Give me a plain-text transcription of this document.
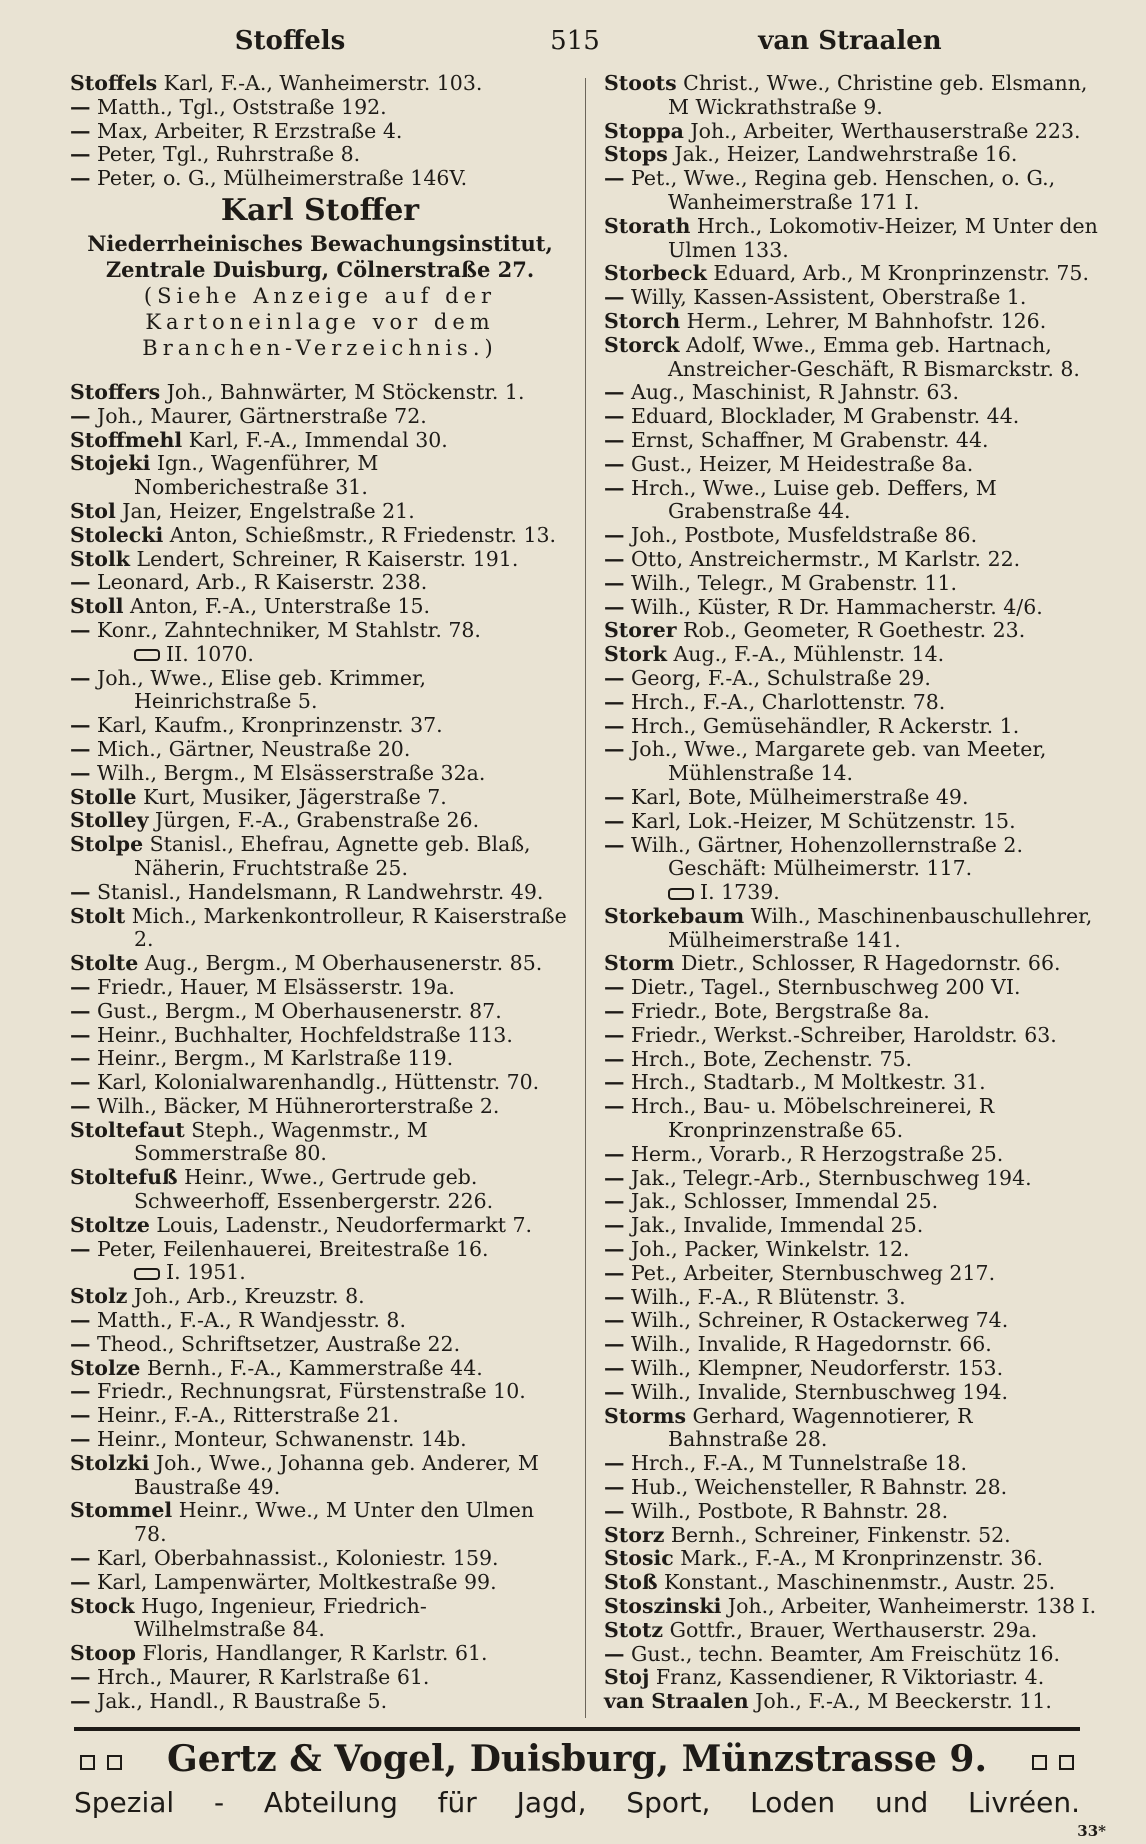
Stoffels	515	van Straalen
Stoffels Karl, F.-A., Wanheimerstr. 103.
— Matth., Tgl., Oststraße 192.
— Max, Arbeiter, R Erzstraße 4.
— Peter, Tgl., Ruhrstraße 8.
— Peter, o. G., Mülheimerstraße 146V.
Karl Stoffer
Niederrheinisches Bewachungsinstitut, Zentrale Duisburg, Cölnerstraße 27.
(Siehe Anzeige auf der Kartoneinlage vor dem Branchen-Verzeichnis.)
Stoffers Joh., Bahnwärter, M Stöckenstr. 1.
— Joh., Maurer, Gärtnerstraße 72.
Stoffmehl Karl, F.-A., Immendal 30.
Stojeki Ign., Wagenführer, M Nomberichestraße 31.
Stol Jan, Heizer, Engelstraße 21.
Stolecki Anton, Schießmstr., R Friedenstr. 13.
Stolk Lendert, Schreiner, R Kaiserstr. 191.
— Leonard, Arb., R Kaiserstr. 238.
Stoll Anton, F.-A., Unterstraße 15.
— Konr., Zahntechniker, M Stahlstr. 78.
II. 1070.
— Joh., Wwe., Elise geb. Krimmer, Heinrichstraße 5.
— Karl, Kaufm., Kronprinzenstr. 37.
— Mich., Gärtner, Neustraße 20.
— Wilh., Bergm., M Elsässerstraße 32a.
Stolle Kurt, Musiker, Jägerstraße 7.
Stolley Jürgen, F.-A., Grabenstraße 26.
Stolpe Stanisl., Ehefrau, Agnette geb. Blaß, Näherin, Fruchtstraße 25.
— Stanisl., Handelsmann, R Landwehrstr. 49.
Stolt Mich., Markenkontrolleur, R Kaiserstraße 2.
Stolte Aug., Bergm., M Oberhausenerstr. 85.
— Friedr., Hauer, M Elsässerstr. 19a.
— Gust., Bergm., M Oberhausenerstr. 87.
— Heinr., Buchhalter, Hochfeldstraße 113.
— Heinr., Bergm., M Karlstraße 119.
— Karl, Kolonialwarenhandlg., Hüttenstr. 70.
— Wilh., Bäcker, M Hühnerorterstraße 2.
Stoltefaut Steph., Wagenmstr., M Sommerstraße 80.
Stoltefuß Heinr., Wwe., Gertrude geb. Schweerhoff, Essenbergerstr. 226.
Stoltze Louis, Ladenstr., Neudorfermarkt 7.
— Peter, Feilenhauerei, Breitestraße 16.
I. 1951.
Stolz Joh., Arb., Kreuzstr. 8.
— Matth., F.-A., R Wandjesstr. 8.
— Theod., Schriftsetzer, Austraße 22.
Stolze Bernh., F.-A., Kammerstraße 44.
— Friedr., Rechnungsrat, Fürstenstraße 10.
— Heinr., F.-A., Ritterstraße 21.
— Heinr., Monteur, Schwanenstr. 14b.
Stolzki Joh., Wwe., Johanna geb. Anderer, M Baustraße 49.
Stommel Heinr., Wwe., M Unter den Ulmen 78.
— Karl, Oberbahnassist., Koloniestr. 159.
— Karl, Lampenwärter, Moltkestraße 99.
Stock Hugo, Ingenieur, Friedrich-Wilhelmstraße 84.
Stoop Floris, Handlanger, R Karlstr. 61.
— Hrch., Maurer, R Karlstraße 61.
— Jak., Handl., R Baustraße 5.
Stoots Christ., Wwe., Christine geb. Elsmann, M Wickrathstraße 9.
Stoppa Joh., Arbeiter, Werthauserstraße 223.
Stops Jak., Heizer, Landwehrstraße 16.
— Pet., Wwe., Regina geb. Henschen, o. G., Wanheimerstraße 171 I.
Storath Hrch., Lokomotiv-Heizer, M Unter den Ulmen 133.
Storbeck Eduard, Arb., M Kronprinzenstr. 75.
— Willy, Kassen-Assistent, Oberstraße 1.
Storch Herm., Lehrer, M Bahnhofstr. 126.
Storck Adolf, Wwe., Emma geb. Hartnach, Anstreicher-Geschäft, R Bismarckstr. 8.
— Aug., Maschinist, R Jahnstr. 63.
— Eduard, Blocklader, M Grabenstr. 44.
— Ernst, Schaffner, M Grabenstr. 44.
— Gust., Heizer, M Heidestraße 8a.
— Hrch., Wwe., Luise geb. Deffers, M Grabenstraße 44.
— Joh., Postbote, Musfeldstraße 86.
— Otto, Anstreichermstr., M Karlstr. 22.
— Wilh., Telegr., M Grabenstr. 11.
— Wilh., Küster, R Dr. Hammacherstr. 4/6.
Storer Rob., Geometer, R Goethestr. 23.
Stork Aug., F.-A., Mühlenstr. 14.
— Georg, F.-A., Schulstraße 29.
— Hrch., F.-A., Charlottenstr. 78.
— Hrch., Gemüsehändler, R Ackerstr. 1.
— Joh., Wwe., Margarete geb. van Meeter, Mühlenstraße 14.
— Karl, Bote, Mülheimerstraße 49.
— Karl, Lok.-Heizer, M Schützenstr. 15.
— Wilh., Gärtner, Hohenzollernstraße 2. Geschäft: Mülheimerstr. 117.
I. 1739.
Storkebaum Wilh., Maschinenbauschullehrer, Mülheimerstraße 141.
Storm Dietr., Schlosser, R Hagedornstr. 66.
— Dietr., Tagel., Sternbuschweg 200 VI.
— Friedr., Bote, Bergstraße 8a.
— Friedr., Werkst.-Schreiber, Haroldstr. 63.
— Hrch., Bote, Zechenstr. 75.
— Hrch., Stadtarb., M Moltkestr. 31.
— Hrch., Bau- u. Möbelschreinerei, R Kronprinzenstraße 65.
— Herm., Vorarb., R Herzogstraße 25.
— Jak., Telegr.-Arb., Sternbuschweg 194.
— Jak., Schlosser, Immendal 25.
— Jak., Invalide, Immendal 25.
— Joh., Packer, Winkelstr. 12.
— Pet., Arbeiter, Sternbuschweg 217.
— Wilh., F.-A., R Blütenstr. 3.
— Wilh., Schreiner, R Ostackerweg 74.
— Wilh., Invalide, R Hagedornstr. 66.
— Wilh., Klempner, Neudorferstr. 153.
— Wilh., Invalide, Sternbuschweg 194.
Storms Gerhard, Wagennotierer, R Bahnstraße 28.
— Hrch., F.-A., M Tunnelstraße 18.
— Hub., Weichensteller, R Bahnstr. 28.
— Wilh., Postbote, R Bahnstr. 28.
Storz Bernh., Schreiner, Finkenstr. 52.
Stosic Mark., F.-A., M Kronprinzenstr. 36.
Stoß Konstant., Maschinenmstr., Austr. 25.
Stoszinski Joh., Arbeiter, Wanheimerstr. 138 I.
Stotz Gottfr., Brauer, Werthauserstr. 29a.
— Gust., techn. Beamter, Am Freischütz 16.
Stoj Franz, Kassendiener, R Viktoriastr. 4.
van Straalen Joh., F.-A., M Beeckerstr. 11.
Gertz & Vogel, Duisburg, Münzstrasse 9.
Spezial - Abteilung für Jagd, Sport, Loden und Livréen.
33*
